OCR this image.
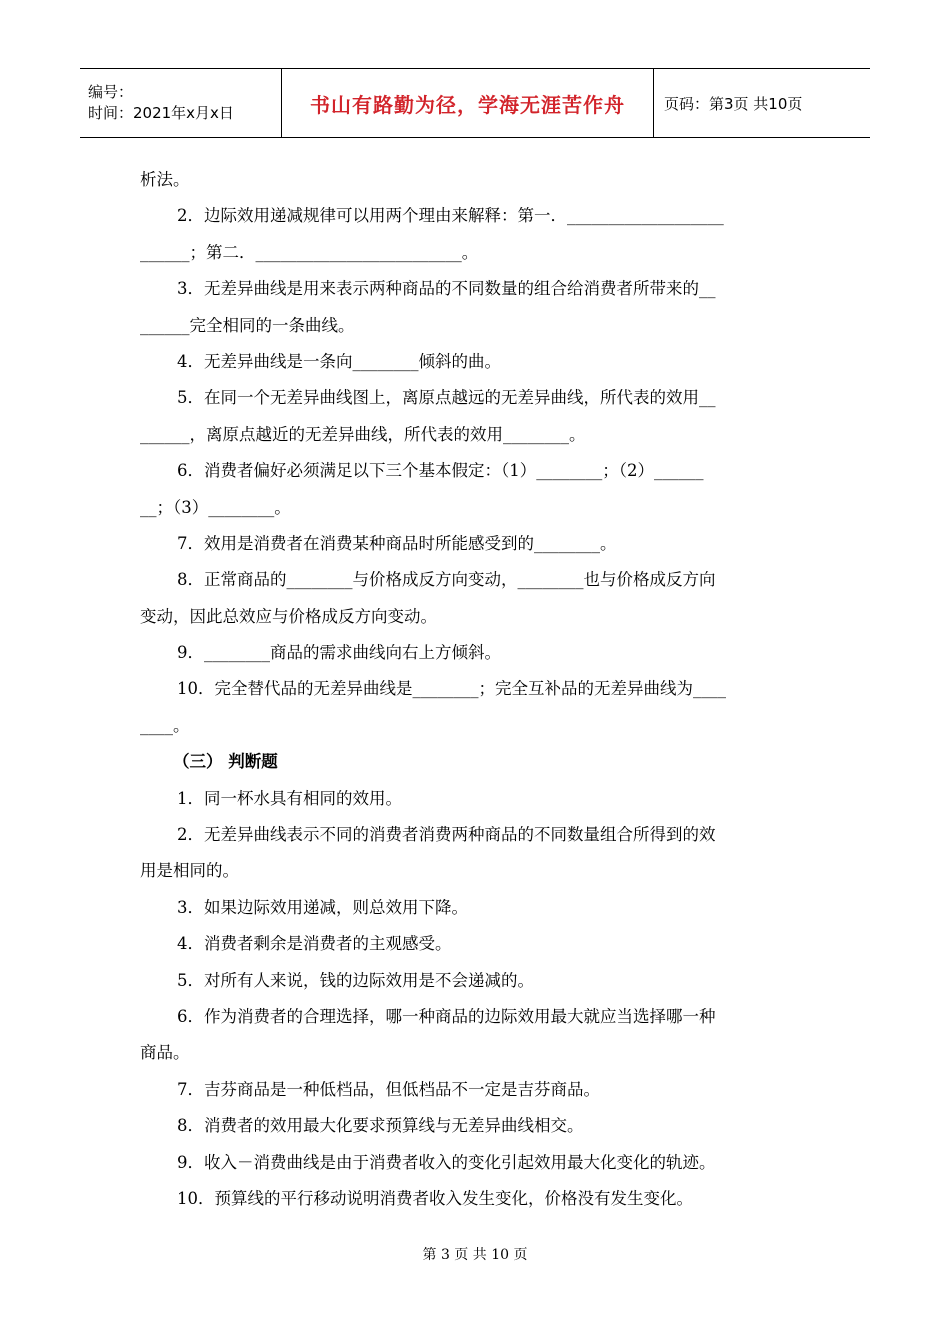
编号：
时间：2021年x月x日	书山有路勤为径，学海无涯苦作舟	页码：第3页 共10页
析法。
2．边际效用递减规律可以用两个理由来解释：第一．___________________
______；第二．_________________________。
3．无差异曲线是用来表示两种商品的不同数量的组合给消费者所带来的__
______完全相同的一条曲线。
4．无差异曲线是一条向________倾斜的曲。
5．在同一个无差异曲线图上，离原点越远的无差异曲线，所代表的效用__
______，离原点越近的无差异曲线，所代表的效用________。
6．消费者偏好必须满足以下三个基本假定：（1）________；（2）______
__；（3）________。
7．效用是消费者在消费某种商品时所能感受到的________。
8．正常商品的________与价格成反方向变动，________也与价格成反方向
变动，因此总效应与价格成反方向变动。
9．________商品的需求曲线向右上方倾斜。
10．完全替代品的无差异曲线是________；完全互补品的无差异曲线为____
____。
（三） 判断题
1．同一杯水具有相同的效用。
2．无差异曲线表示不同的消费者消费两种商品的不同数量组合所得到的效
用是相同的。
3．如果边际效用递减，则总效用下降。
4．消费者剩余是消费者的主观感受。
5．对所有人来说，钱的边际效用是不会递减的。
6．作为消费者的合理选择，哪一种商品的边际效用最大就应当选择哪一种
商品。
7．吉芬商品是一种低档品，但低档品不一定是吉芬商品。
8．消费者的效用最大化要求预算线与无差异曲线相交。
9．收入－消费曲线是由于消费者收入的变化引起效用最大化变化的轨迹。
10．预算线的平行移动说明消费者收入发生变化，价格没有发生变化。
第 3 页 共 10 页
